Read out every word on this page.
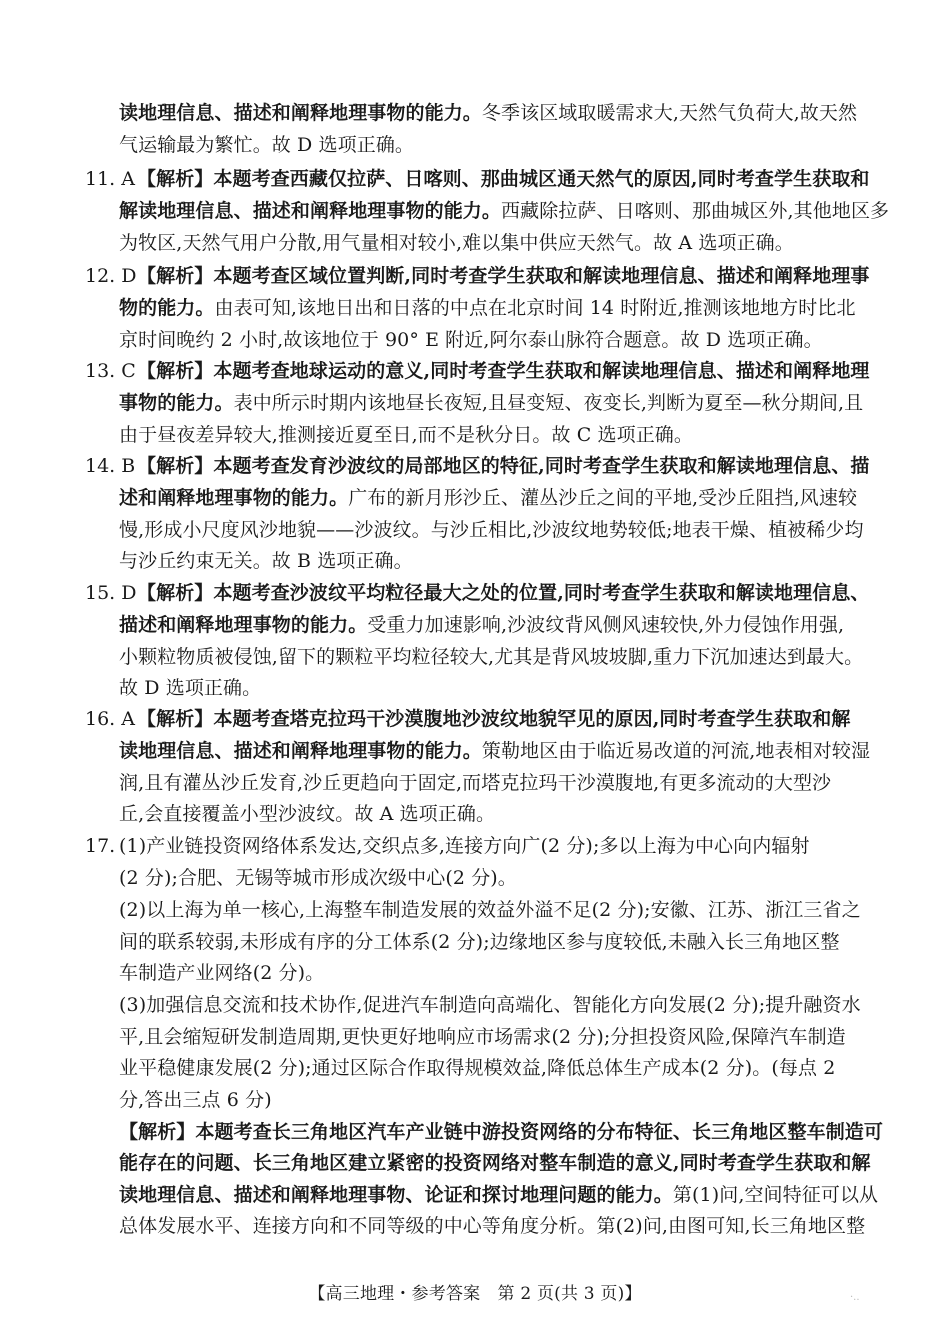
读地理信息、描述和阐释地理事物的能力。冬季该区域取暖需求大,天然气负荷大,故天然
气运输最为繁忙。故 D 选项正确。
11. A 【解析】本题考查西藏仅拉萨、日喀则、那曲城区通天然气的原因,同时考查学生获取和
解读地理信息、描述和阐释地理事物的能力。西藏除拉萨、日喀则、那曲城区外,其他地区多
为牧区,天然气用户分散,用气量相对较小,难以集中供应天然气。故 A 选项正确。
12. D 【解析】本题考查区域位置判断,同时考查学生获取和解读地理信息、描述和阐释地理事
物的能力。由表可知,该地日出和日落的中点在北京时间 14 时附近,推测该地地方时比北
京时间晚约 2 小时,故该地位于 90° E 附近,阿尔泰山脉符合题意。故 D 选项正确。
13. C 【解析】本题考查地球运动的意义,同时考查学生获取和解读地理信息、描述和阐释地理
事物的能力。表中所示时期内该地昼长夜短,且昼变短、夜变长,判断为夏至—秋分期间,且
由于昼夜差异较大,推测接近夏至日,而不是秋分日。故 C 选项正确。
14. B 【解析】本题考查发育沙波纹的局部地区的特征,同时考查学生获取和解读地理信息、描
述和阐释地理事物的能力。广布的新月形沙丘、灌丛沙丘之间的平地,受沙丘阻挡,风速较
慢,形成小尺度风沙地貌——沙波纹。与沙丘相比,沙波纹地势较低;地表干燥、植被稀少均
与沙丘约束无关。故 B 选项正确。
15. D 【解析】本题考查沙波纹平均粒径最大之处的位置,同时考查学生获取和解读地理信息、
描述和阐释地理事物的能力。受重力加速影响,沙波纹背风侧风速较快,外力侵蚀作用强,
小颗粒物质被侵蚀,留下的颗粒平均粒径较大,尤其是背风坡坡脚,重力下沉加速达到最大。
故 D 选项正确。
16. A 【解析】本题考查塔克拉玛干沙漠腹地沙波纹地貌罕见的原因,同时考查学生获取和解
读地理信息、描述和阐释地理事物的能力。策勒地区由于临近易改道的河流,地表相对较湿
润,且有灌丛沙丘发育,沙丘更趋向于固定,而塔克拉玛干沙漠腹地,有更多流动的大型沙
丘,会直接覆盖小型沙波纹。故 A 选项正确。
17. (1)产业链投资网络体系发达,交织点多,连接方向广(2 分);多以上海为中心向内辐射
(2 分);合肥、无锡等城市形成次级中心(2 分)。
(2)以上海为单一核心,上海整车制造发展的效益外溢不足(2 分);安徽、江苏、浙江三省之
间的联系较弱,未形成有序的分工体系(2 分);边缘地区参与度较低,未融入长三角地区整
车制造产业网络(2 分)。
(3)加强信息交流和技术协作,促进汽车制造向高端化、智能化方向发展(2 分);提升融资水
平,且会缩短研发制造周期,更快更好地响应市场需求(2 分);分担投资风险,保障汽车制造
业平稳健康发展(2 分);通过区际合作取得规模效益,降低总体生产成本(2 分)。(每点 2
分,答出三点 6 分)
【解析】本题考查长三角地区汽车产业链中游投资网络的分布特征、长三角地区整车制造可
能存在的问题、长三角地区建立紧密的投资网络对整车制造的意义,同时考查学生获取和解
读地理信息、描述和阐释地理事物、论证和探讨地理问题的能力。第(1)问,空间特征可以从
总体发展水平、连接方向和不同等级的中心等角度分析。第(2)问,由图可知,长三角地区整
【高三地理・参考答案　第 2 页(共 3 页)】	·..
